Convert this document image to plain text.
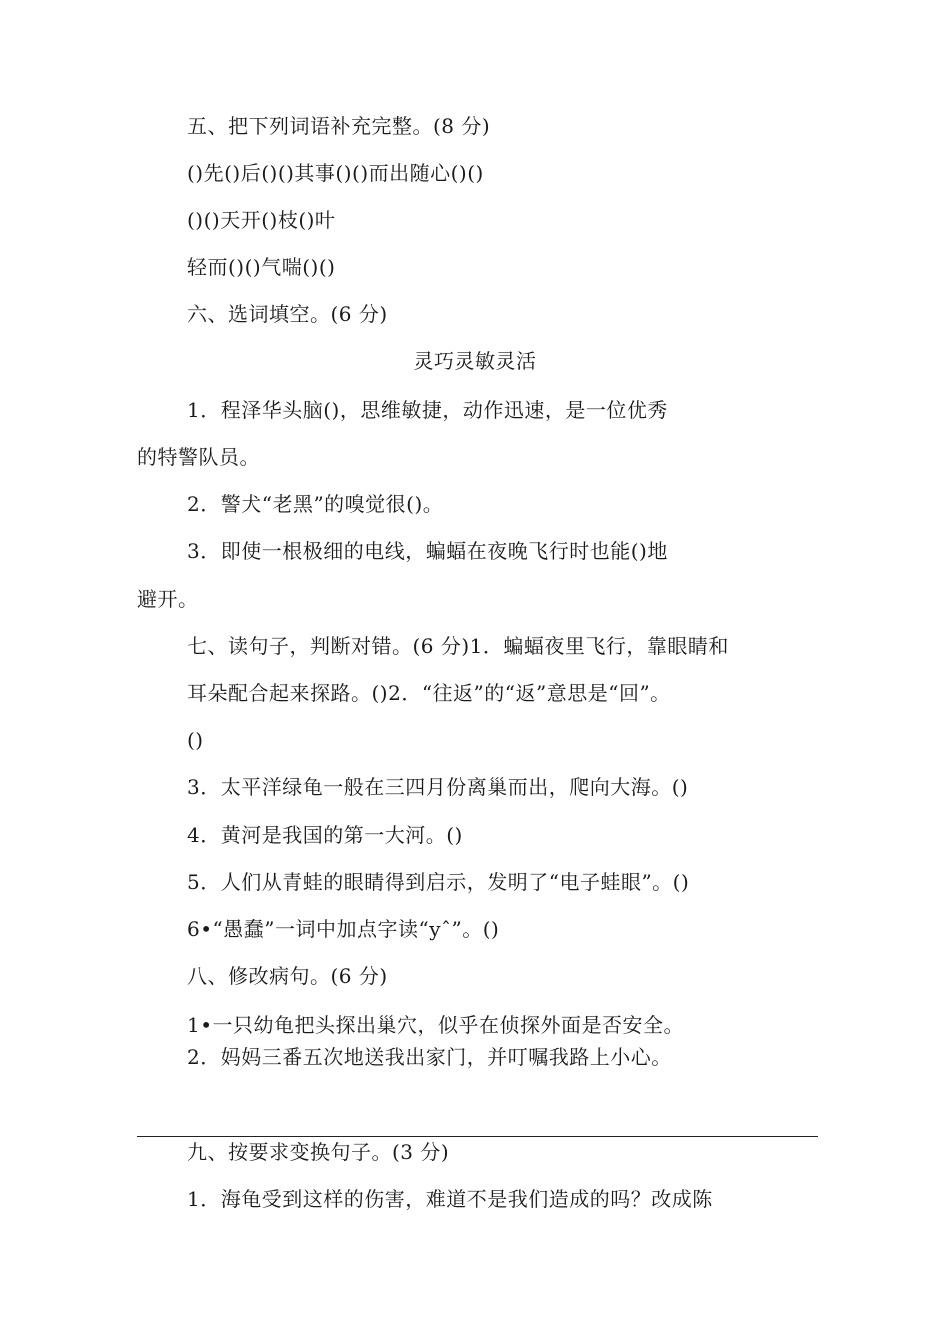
五、把下列词语补充完整。(8 分)
()先()后()()其事()()而出随心()()
()()天开()枝()叶
轻而()()气喘()()
六、选词填空。(6 分)
灵巧灵敏灵活
1．程泽华头脑()，思维敏捷，动作迅速，是一位优秀
的特警队员。
2．警犬“老黑”的嗅觉很()。
3．即使一根极细的电线，蝙蝠在夜晚飞行时也能()地
避开。
七、读句子，判断对错。(6 分)1．蝙蝠夜里飞行，靠眼睛和
耳朵配合起来探路。()2．“往返”的“返”意思是“回”。
()
3．太平洋绿龟一般在三四月份离巢而出，爬向大海。()
4．黄河是我国的第一大河。()
5．人们从青蛙的眼睛得到启示，发明了“电子蛙眼”。()
6•“愚蠢”一词中加点字读“yˆ”。()
八、修改病句。(6 分)
1•一只幼龟把头探出巢穴，似乎在侦探外面是否安全。
2．妈妈三番五次地送我出家门，并叮嘱我路上小心。
九、按要求变换句子。(3 分)
1．海龟受到这样的伤害，难道不是我们造成的吗？改成陈
